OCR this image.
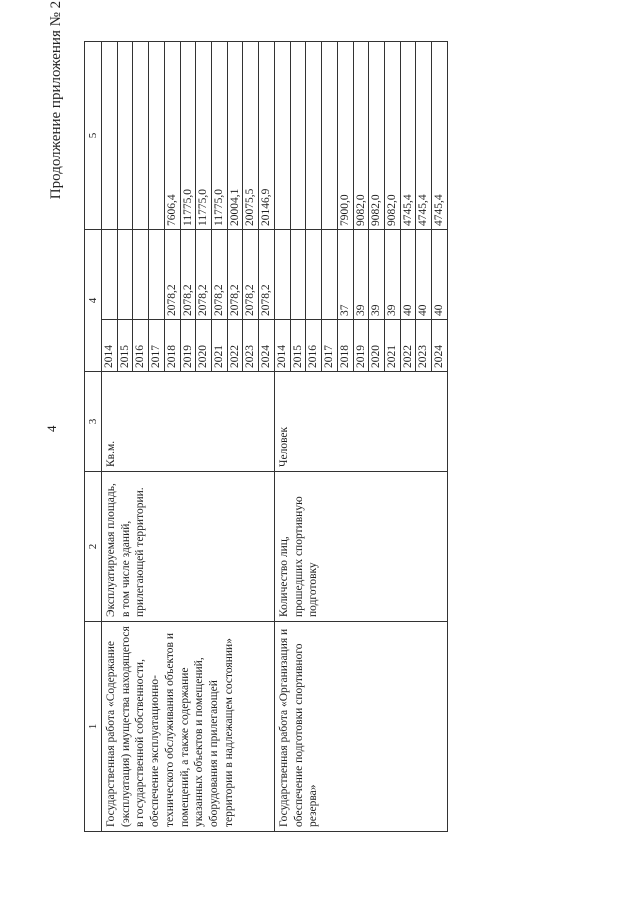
4
Продолжение приложения № 2
1	2	3	4		5
Государственная работа «Содержание (эксплуатация) имущества находящегося в государственной собственности, обеспечение эксплуатационно-технического обслуживания объектов и помещений, а также содержание указанных объектов и помещений, оборудования и прилегающей территории в надлежащем состоянии»	Эксплуатируемая площадь, в том числе зданий, прилегающей территории.	Кв.м.	2014		
			2015		
			2016		
			2017		
			2018	2078,2	7606,4
			2019	2078,2	11775,0
			2020	2078,2	11775,0
			2021	2078,2	11775,0
			2022	2078,2	20004,1
			2023	2078,2	20075,5
			2024	2078,2	20146,9
Государственная работа «Организация и обеспечение подготовки спортивного резерва»	Количество лиц, прошедших спортивную подготовку	Человек	2014		
			2015		
			2016		
			2017		
			2018	37	7900,0
			2019	39	9082,0
			2020	39	9082,0
			2021	39	9082,0
			2022	40	4745,4
			2023	40	4745,4
			2024	40	4745,4
